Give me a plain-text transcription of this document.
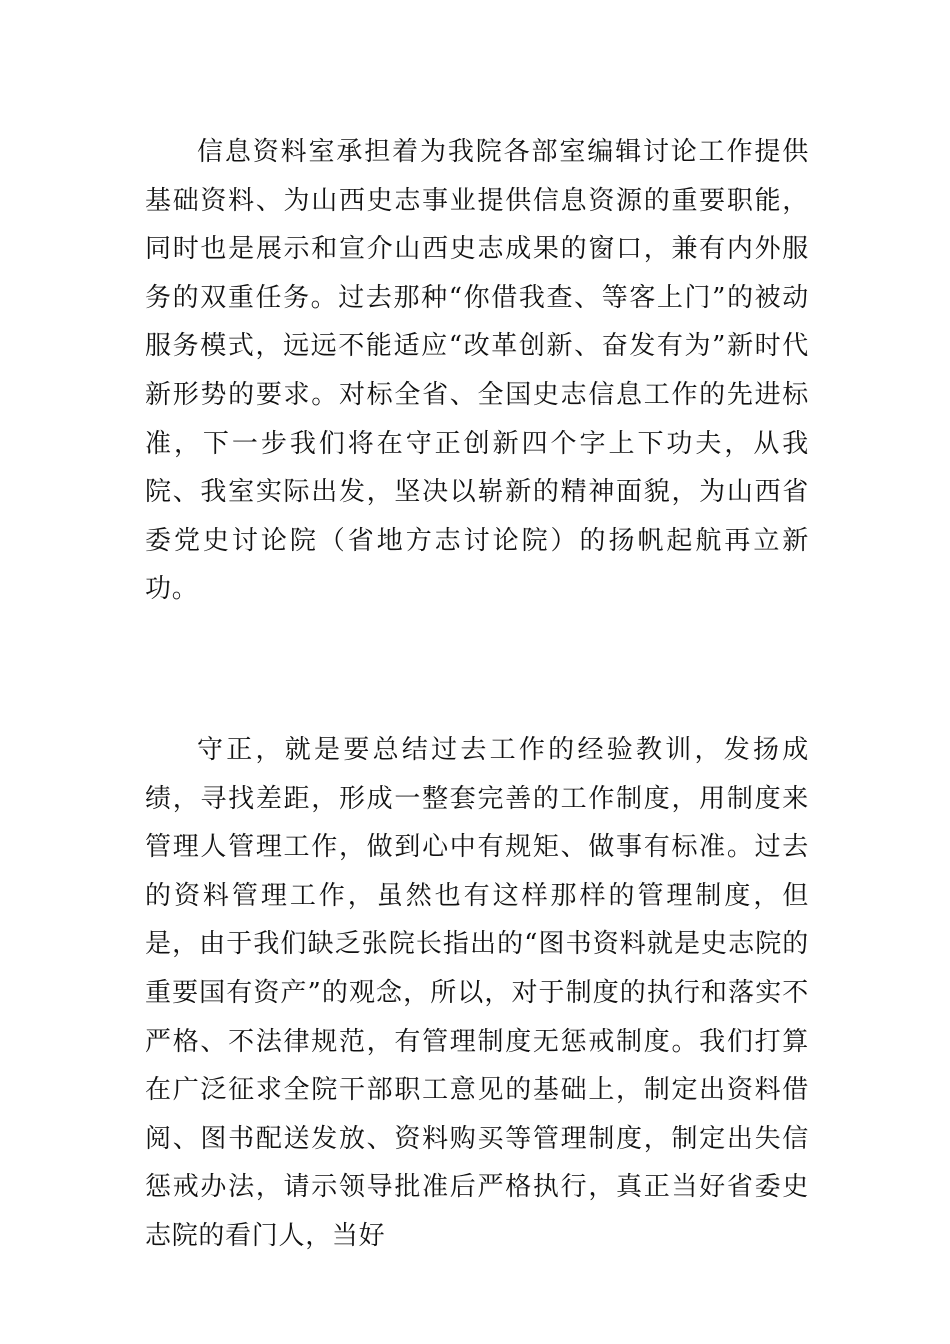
信息资料室承担着为我院各部室编辑讨论工作提供基础资料、为山西史志事业提供信息资源的重要职能，同时也是展示和宣介山西史志成果的窗口，兼有内外服务的双重任务。过去那种“你借我查、等客上门”的被动服务模式，远远不能适应“改革创新、奋发有为”新时代新形势的要求。对标全省、全国史志信息工作的先进标准，下一步我们将在守正创新四个字上下功夫，从我院、我室实际出发，坚决以崭新的精神面貌，为山西省委党史讨论院（省地方志讨论院）的扬帆起航再立新功。

守正，就是要总结过去工作的经验教训，发扬成绩，寻找差距，形成一整套完善的工作制度，用制度来管理人管理工作，做到心中有规矩、做事有标准。过去的资料管理工作，虽然也有这样那样的管理制度，但是，由于我们缺乏张院长指出的“图书资料就是史志院的重要国有资产”的观念，所以，对于制度的执行和落实不严格、不法律规范，有管理制度无惩戒制度。我们打算在广泛征求全院干部职工意见的基础上，制定出资料借阅、图书配送发放、资料购买等管理制度，制定出失信惩戒办法，请示领导批准后严格执行，真正当好省委史志院的看门人，当好
